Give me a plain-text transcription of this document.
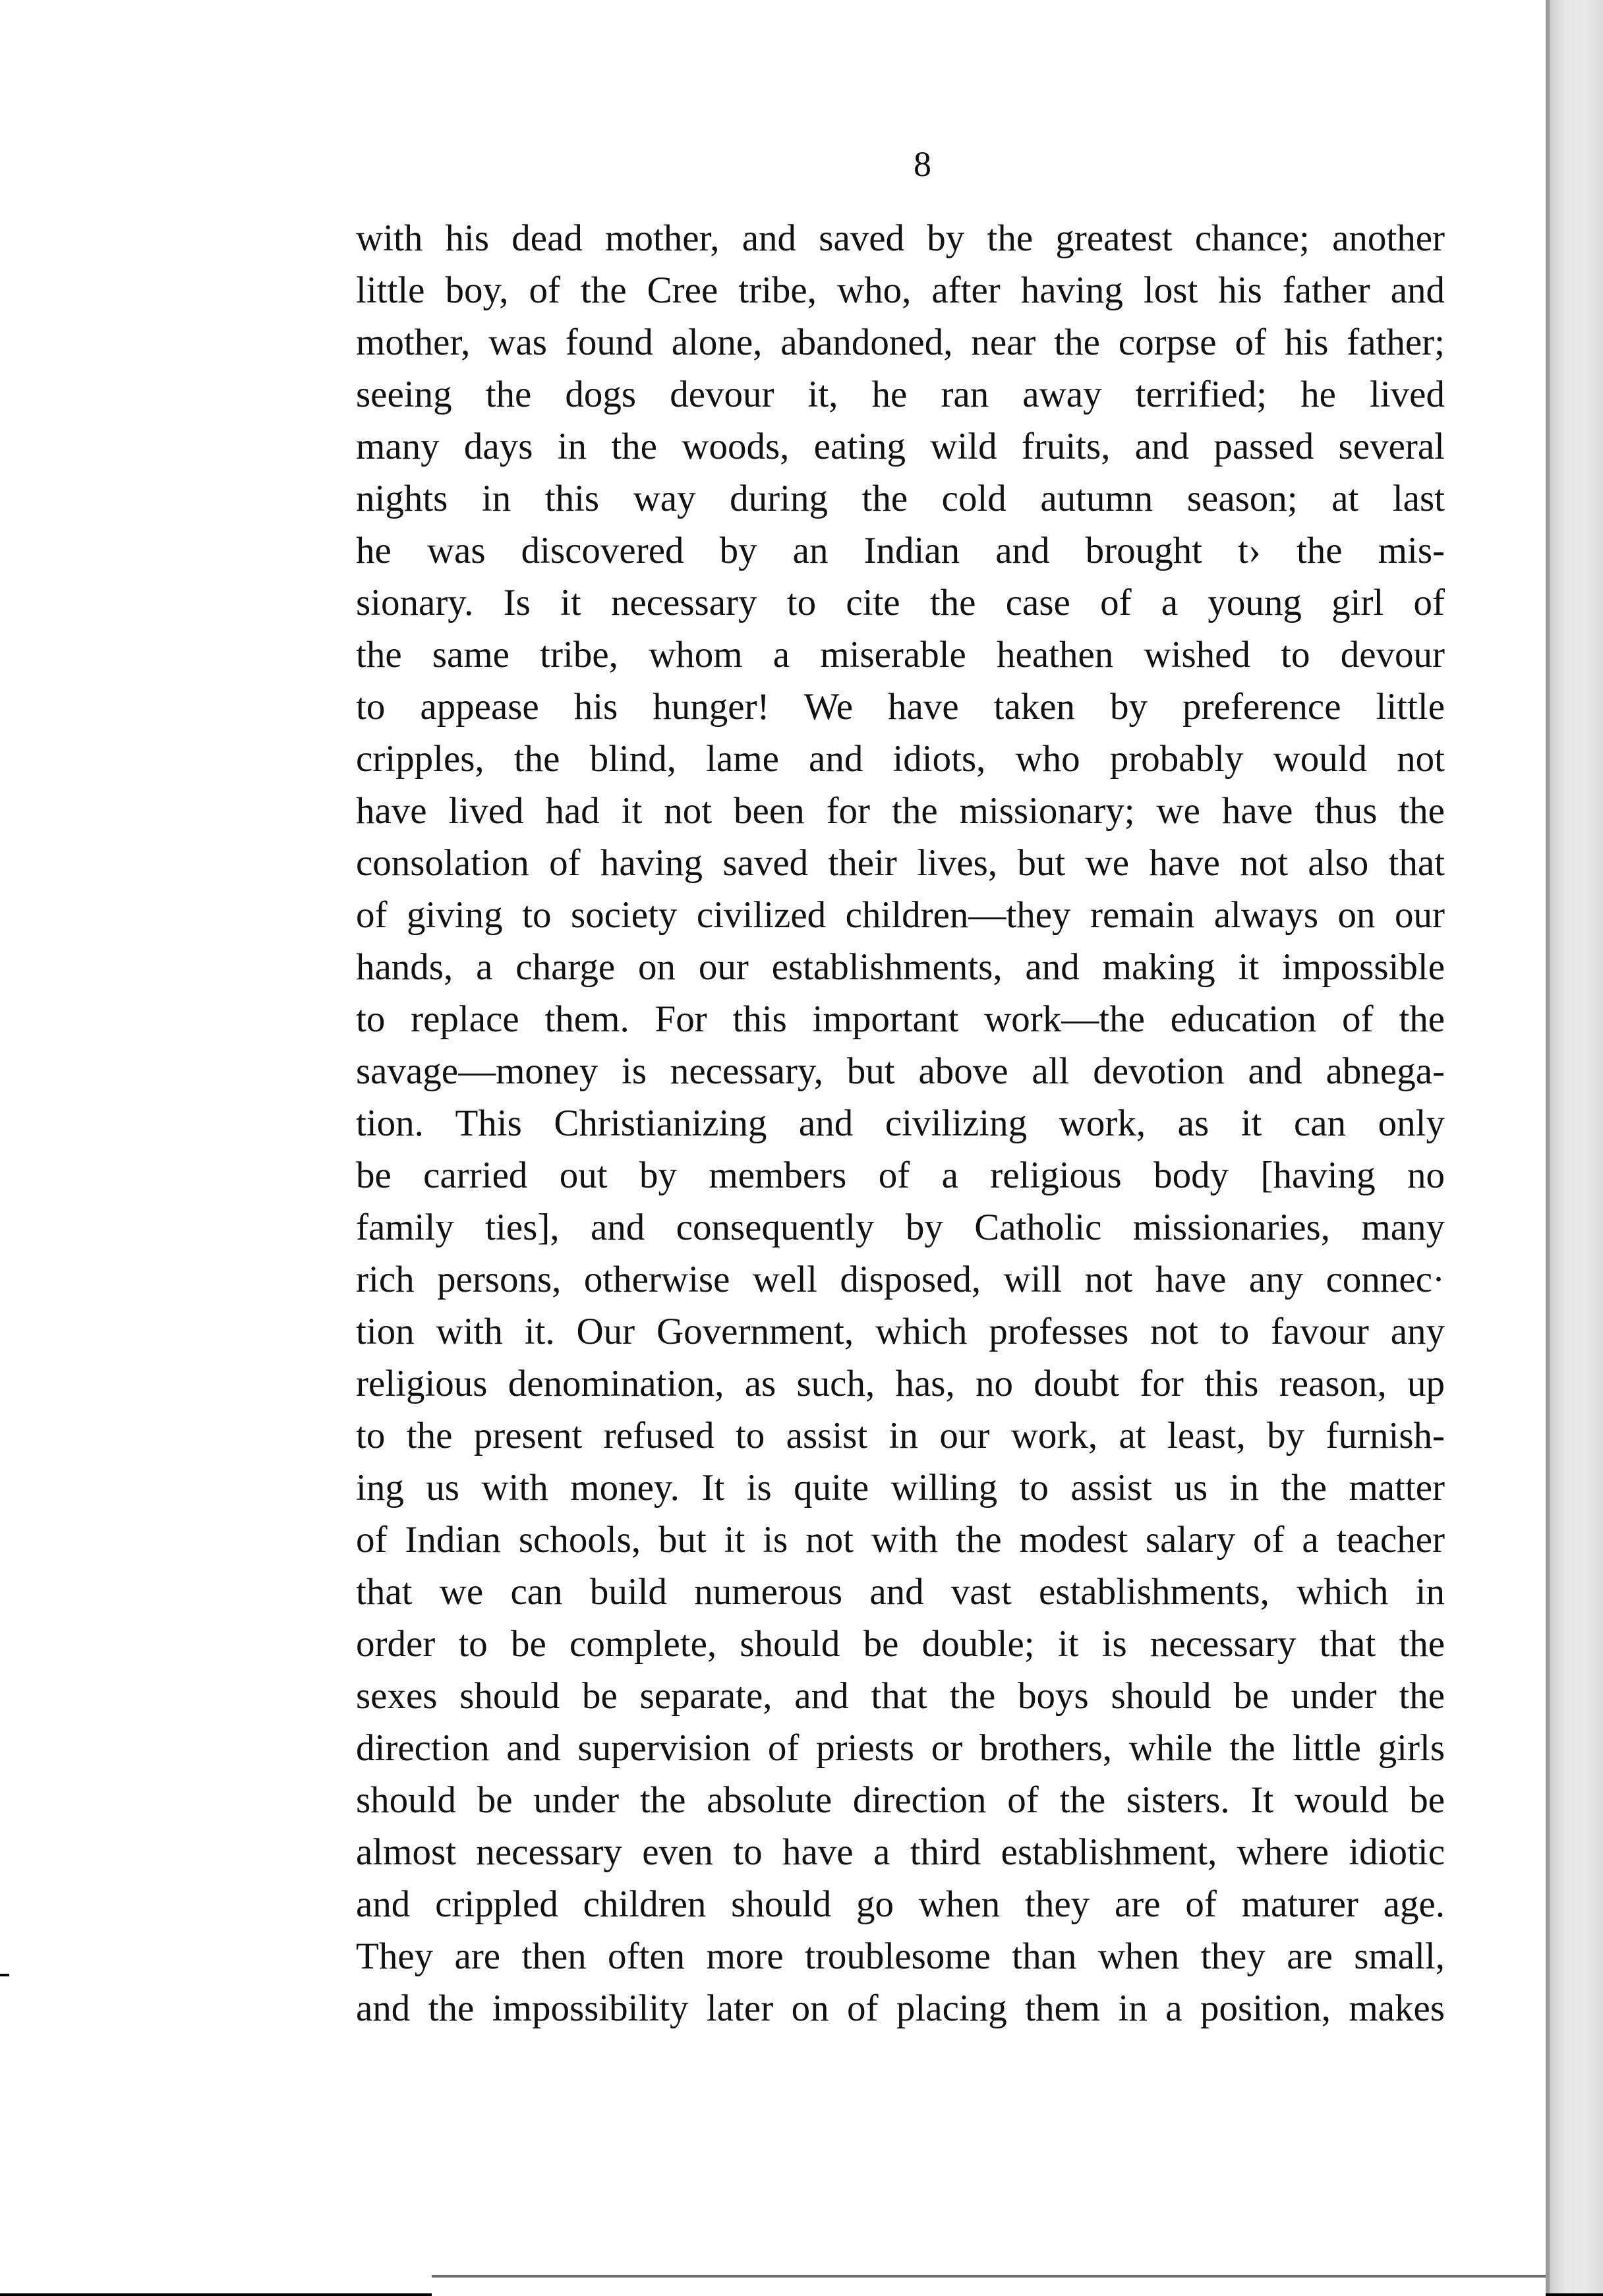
8
with his dead mother, and saved by the greatest chance; another
little boy, of the Cree tribe, who, after having lost his father and
mother, was found alone, abandoned, near the corpse of his father;
seeing the dogs devour it, he ran away terrified; he lived
many days in the woods, eating wild fruits, and passed several
nights in this way during the cold autumn season; at last
he was discovered by an Indian and brought t› the mis-
sionary. Is it necessary to cite the case of a young girl of
the same tribe, whom a miserable heathen wished to devour
to appease his hunger! We have taken by preference little
cripples, the blind, lame and idiots, who probably would not
have lived had it not been for the missionary; we have thus the
consolation of having saved their lives, but we have not also that
of giving to society civilized children—they remain always on our
hands, a charge on our establishments, and making it impossible
to replace them. For this important work—the education of the
savage—money is necessary, but above all devotion and abnega-
tion. This Christianizing and civilizing work, as it can only
be carried out by members of a religious body [having no
family ties], and consequently by Catholic missionaries, many
rich persons, otherwise well disposed, will not have any connec·
tion with it. Our Government, which professes not to favour any
religious denomination, as such, has, no doubt for this reason, up
to the present refused to assist in our work, at least, by furnish-
ing us with money. It is quite willing to assist us in the matter
of Indian schools, but it is not with the modest salary of a teacher
that we can build numerous and vast establishments, which in
order to be complete, should be double; it is necessary that the
sexes should be separate, and that the boys should be under the
direction and supervision of priests or brothers, while the little girls
should be under the absolute direction of the sisters. It would be
almost necessary even to have a third establishment, where idiotic
and crippled children should go when they are of maturer age.
They are then often more troublesome than when they are small,
and the impossibility later on of placing them in a position, makes
